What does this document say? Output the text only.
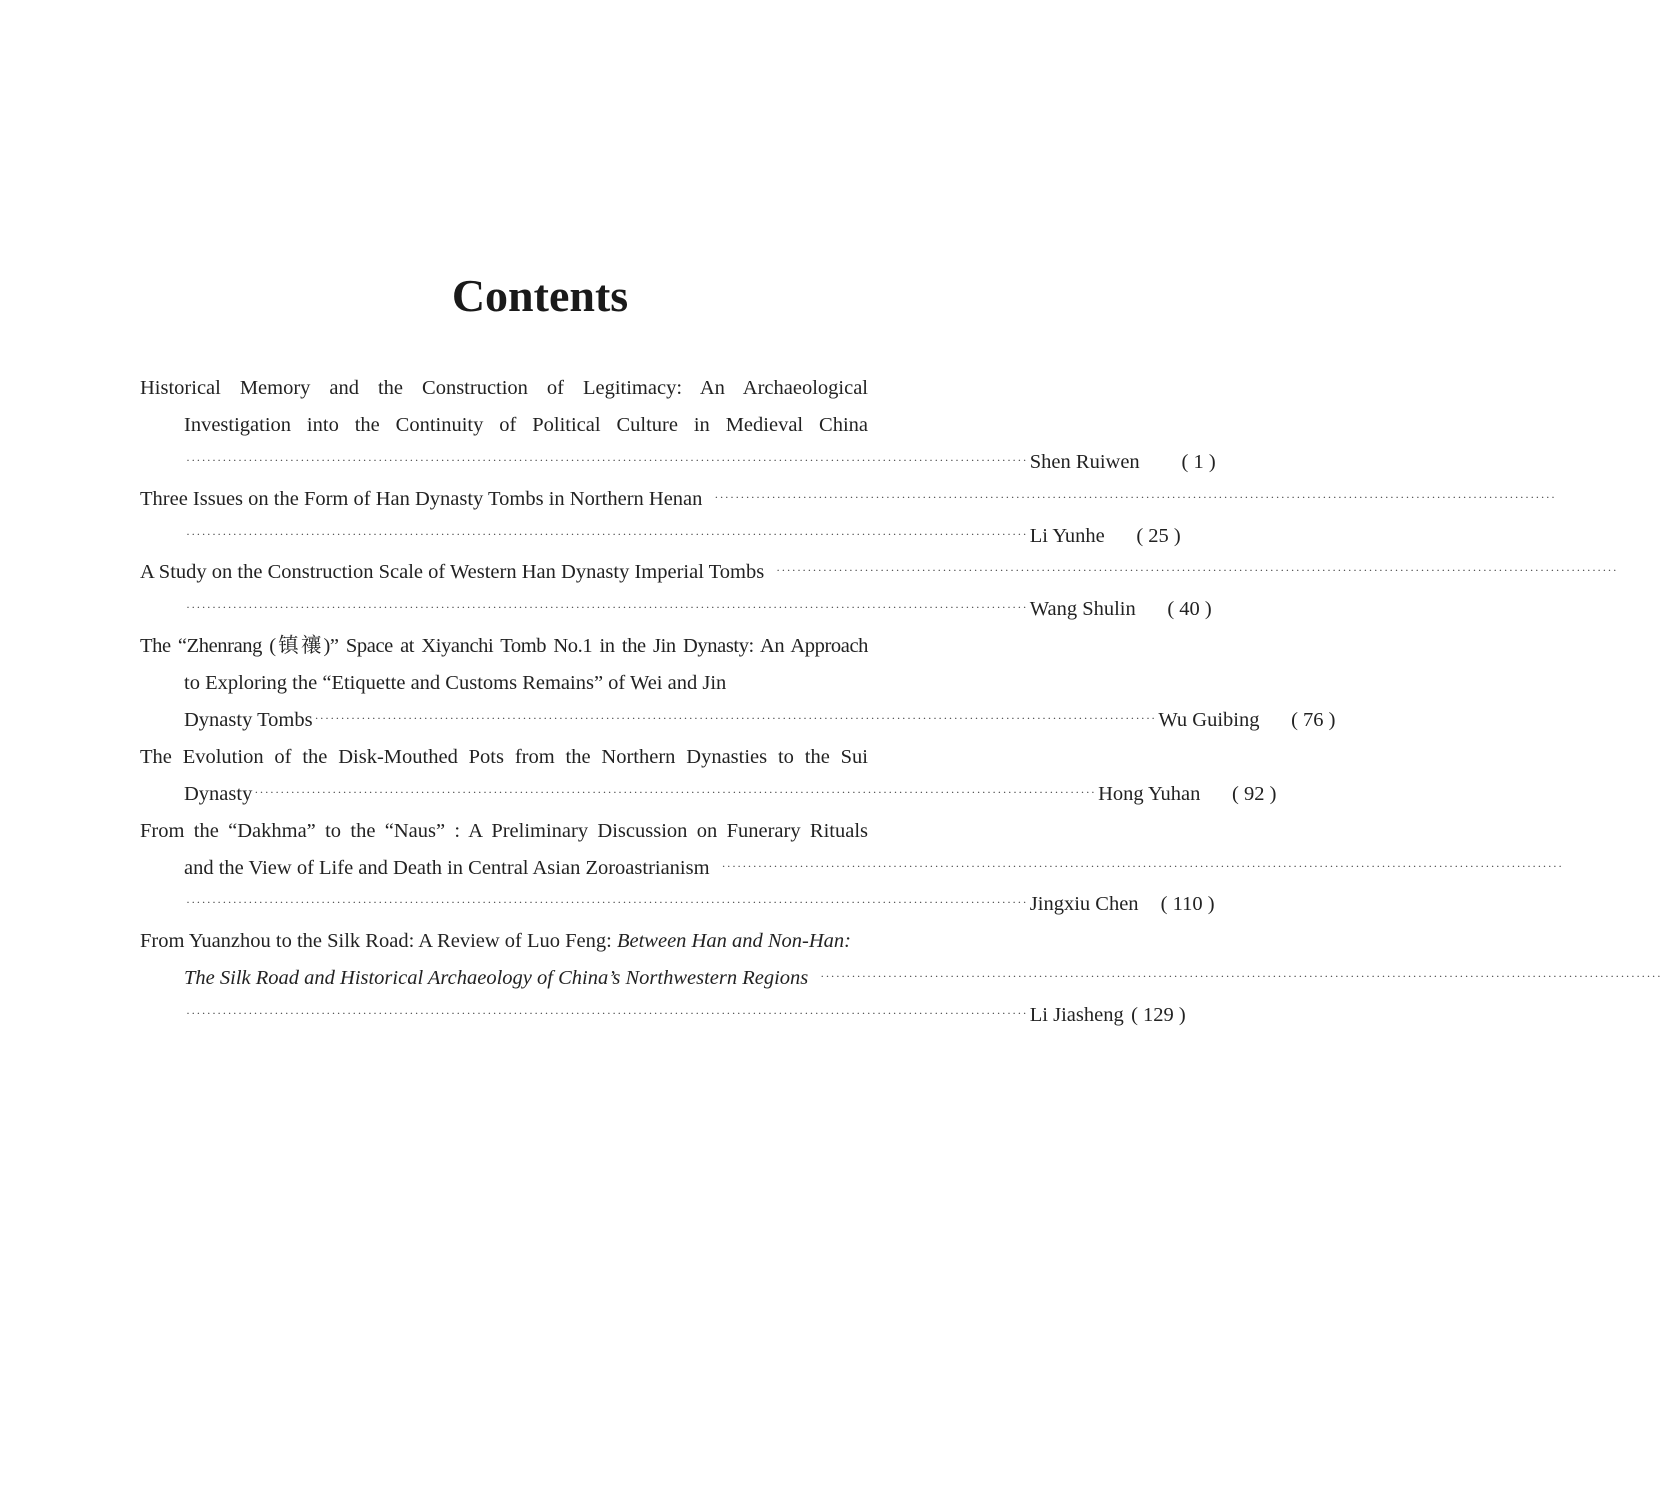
Contents
Historical Memory and the Construction of Legitimacy: An Archaeological
Investigation into the Continuity of Political Culture in Medieval China
·································································································································································· Shen Ruiwen	( 1 )
Three Issues on the Form of Han Dynasty Tombs in Northern Henan	··································································································································································
·································································································································································· Li Yunhe	( 25 )
A Study on the Construction Scale of Western Han Dynasty Imperial Tombs	··································································································································································
·································································································································································· Wang Shulin	( 40 )
The “Zhenrang (镇禳)” Space at Xiyanchi Tomb No.1 in the Jin Dynasty: An Approach
to Exploring the “Etiquette and Customs Remains” of Wei and Jin
Dynasty Tombs ·································································································································································· Wu Guibing	( 76 )
The Evolution of the Disk-Mouthed Pots from the Northern Dynasties to the Sui
Dynasty ·································································································································································· Hong Yuhan	( 92 )
From the “Dakhma” to the “Naus” : A Preliminary Discussion on Funerary Rituals
and the View of Life and Death in Central Asian Zoroastrianism	··································································································································································
·································································································································································· Jingxiu Chen	( 110 )
From Yuanzhou to the Silk Road: A Review of Luo Feng: Between Han and Non-Han:
The Silk Road and Historical Archaeology of China’s Northwestern Regions	··································································································································································
·································································································································································· Li Jiasheng ( 129 )
